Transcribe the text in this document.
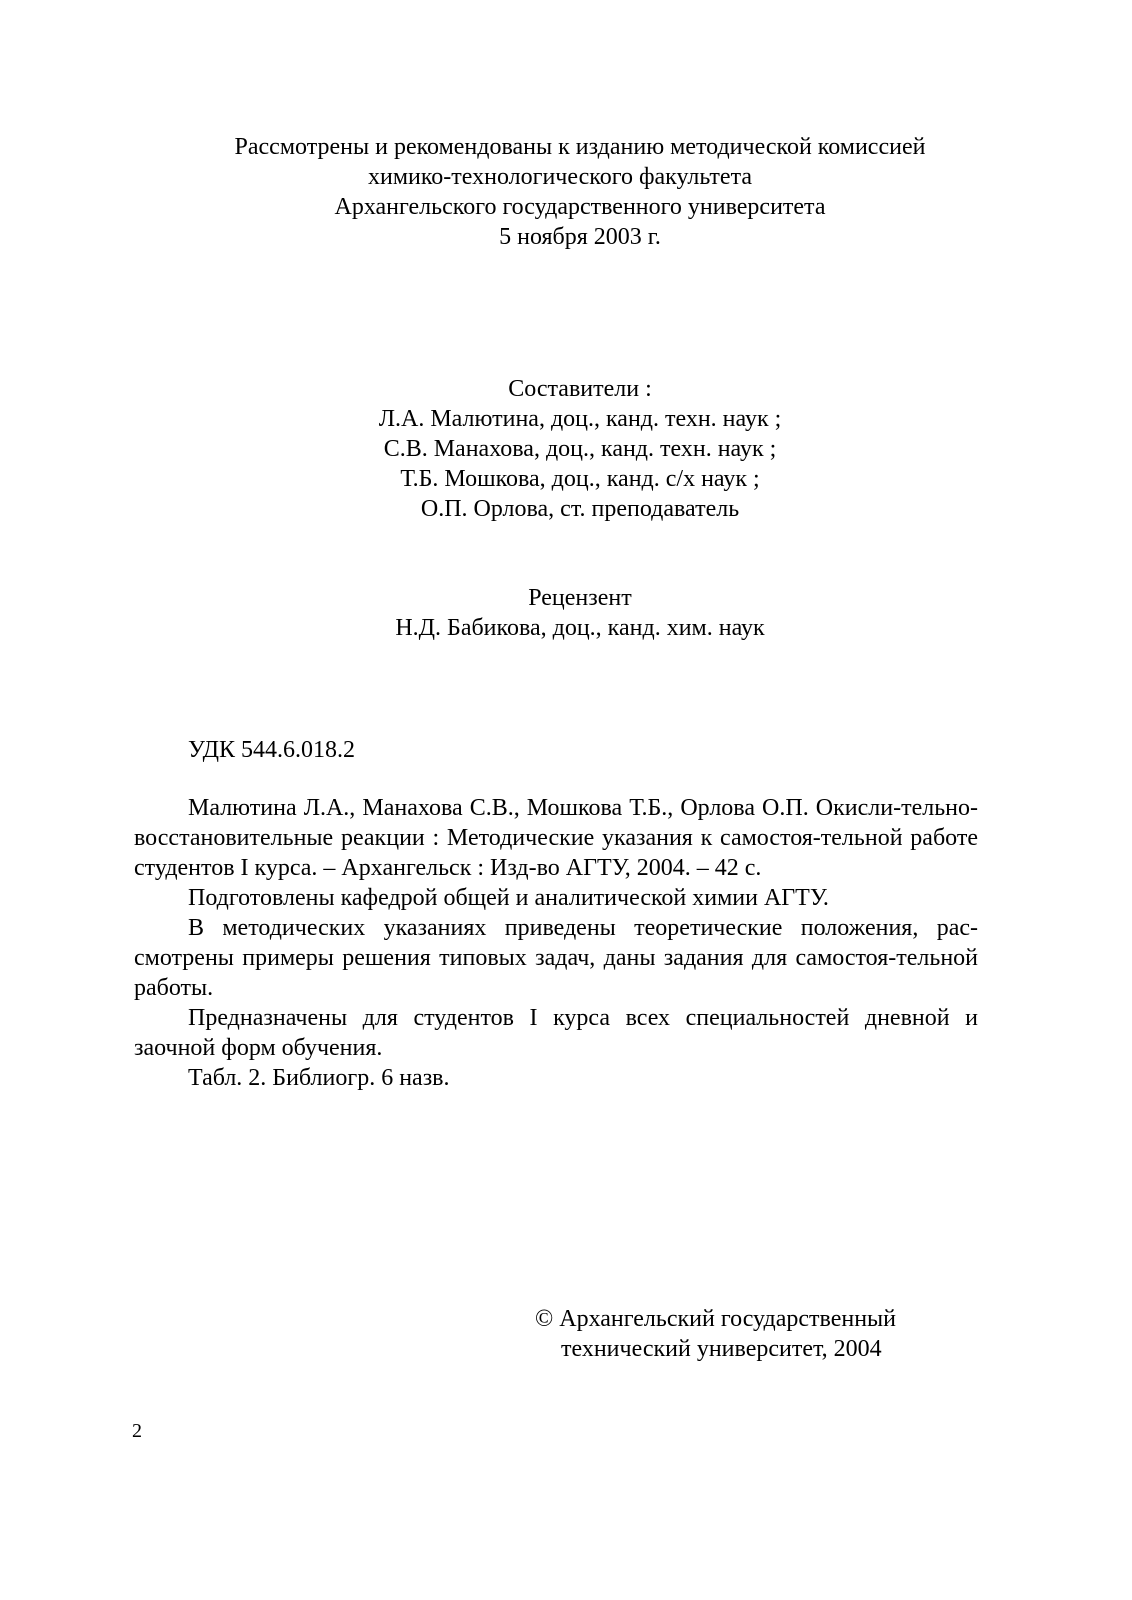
Рассмотрены и рекомендованы к изданию методической комиссией
химико-технологического факультета
Архангельского государственного университета
5 ноября 2003 г.
Составители :
Л.А. Малютина, доц., канд. техн. наук ;
С.В. Манахова, доц., канд. техн. наук ;
Т.Б. Мошкова, доц., канд. с/х наук ;
О.П. Орлова, ст. преподаватель
Рецензент
Н.Д. Бабикова, доц., канд. хим. наук
УДК 544.6.018.2

Малютина Л.А., Манахова С.В., Мошкова Т.Б., Орлова О.П. Окисли-тельно-восстановительные реакции : Методические указания к самостоя-тельной работе студентов I курса. – Архангельск : Изд-во АГТУ, 2004. – 42 с.

Подготовлены кафедрой общей и аналитической химии АГТУ.

В методических указаниях приведены теоретические положения, рас-смотрены примеры решения типовых задач, даны задания для самостоя-тельной работы.

Предназначены для студентов I курса всех специальностей дневной и заочной форм обучения.

Табл. 2. Библиогр. 6 назв.

© Архангельский государственный
технический университет, 2004
2
